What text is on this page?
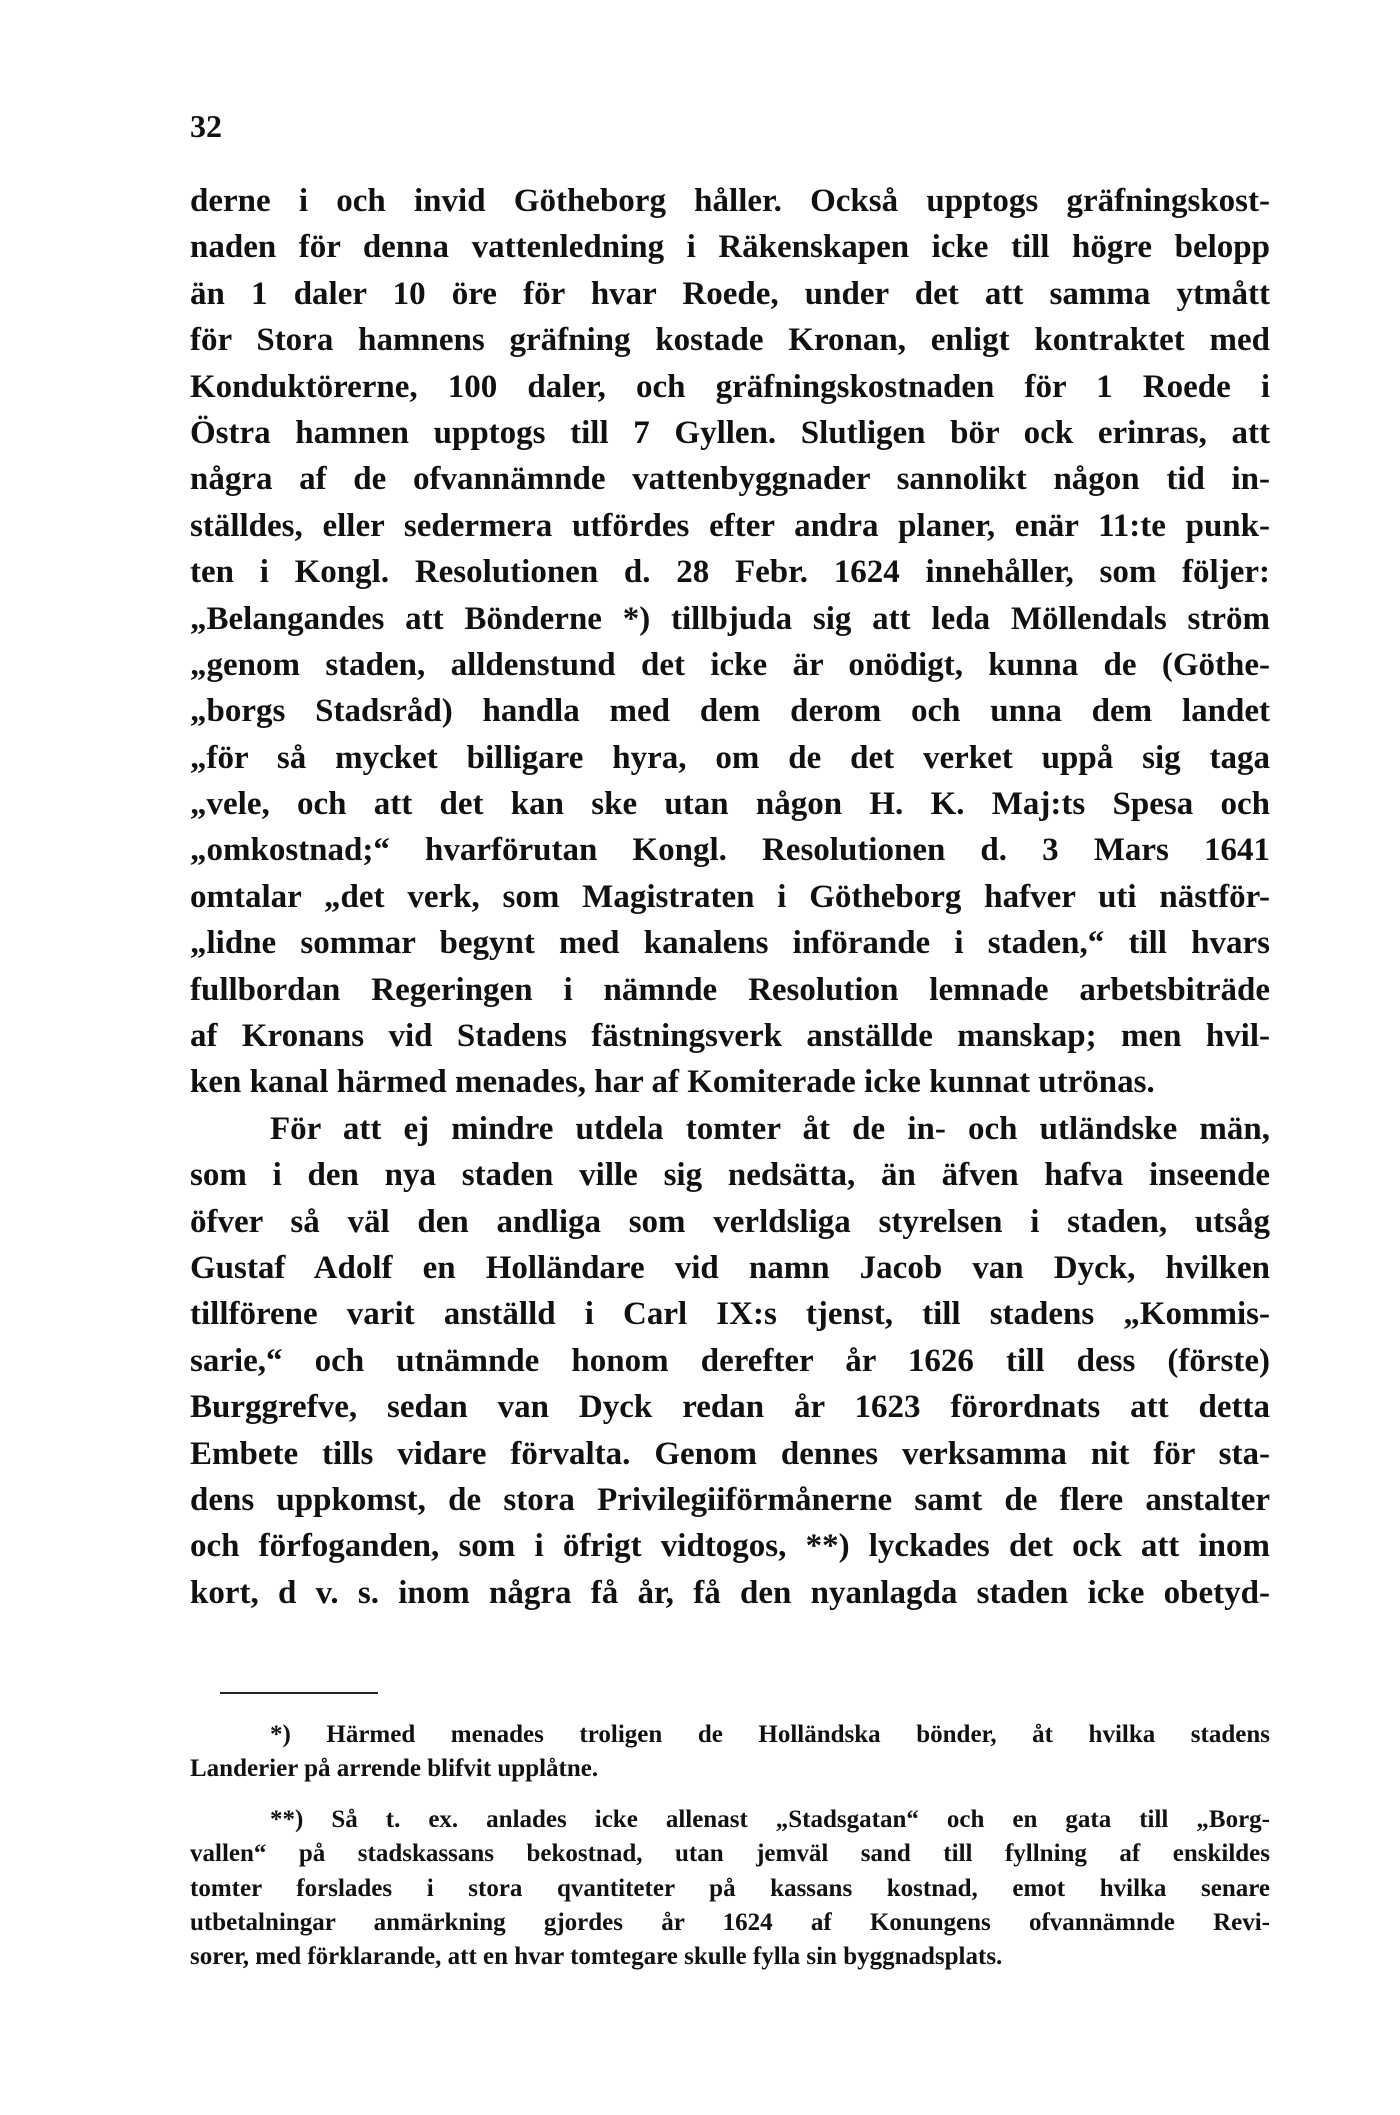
32
derne i och invid Götheborg håller. Också upptogs gräfningskost-
naden för denna vattenledning i Räkenskapen icke till högre belopp
än 1 daler 10 öre för hvar Roede, under det att samma ytmått
för Stora hamnens gräfning kostade Kronan, enligt kontraktet med
Konduktörerne, 100 daler, och gräfningskostnaden för 1 Roede i
Östra hamnen upptogs till 7 Gyllen. Slutligen bör ock erinras, att
några af de ofvannämnde vattenbyggnader sannolikt någon tid in-
ställdes, eller sedermera utfördes efter andra planer, enär 11:te punk-
ten i Kongl. Resolutionen d. 28 Febr. 1624 innehåller, som följer:
„Belangandes att Bönderne *) tillbjuda sig att leda Möllendals ström
„genom staden, alldenstund det icke är onödigt, kunna de (Göthe-
„borgs Stadsråd) handla med dem derom och unna dem landet
„för så mycket billigare hyra, om de det verket uppå sig taga
„vele, och att det kan ske utan någon H. K. Maj:ts Spesa och
„omkostnad;“ hvarförutan Kongl. Resolutionen d. 3 Mars 1641
omtalar „det verk, som Magistraten i Götheborg hafver uti nästför-
„lidne sommar begynt med kanalens införande i staden,“ till hvars
fullbordan Regeringen i nämnde Resolution lemnade arbetsbiträde
af Kronans vid Stadens fästningsverk anställde manskap; men hvil-
ken kanal härmed menades, har af Komiterade icke kunnat utrönas.
För att ej mindre utdela tomter åt de in- och utländske män,
som i den nya staden ville sig nedsätta, än äfven hafva inseende
öfver så väl den andliga som verldsliga styrelsen i staden, utsåg
Gustaf Adolf en Holländare vid namn Jacob van Dyck, hvilken
tillförene varit anställd i Carl IX:s tjenst, till stadens „Kommis-
sarie,“ och utnämnde honom derefter år 1626 till dess (förste)
Burggrefve, sedan van Dyck redan år 1623 förordnats att detta
Embete tills vidare förvalta. Genom dennes verksamma nit för sta-
dens uppkomst, de stora Privilegiiförmånerne samt de flere anstalter
och förfoganden, som i öfrigt vidtogos, **) lyckades det ock att inom
kort, d v. s. inom några få år, få den nyanlagda staden icke obetyd-
*) Härmed menades troligen de Holländska bönder, åt hvilka stadens
Landerier på arrende blifvit upplåtne.
**) Så t. ex. anlades icke allenast „Stadsgatan“ och en gata till „Borg-
vallen“ på stadskassans bekostnad, utan jemväl sand till fyllning af enskildes
tomter forslades i stora qvantiteter på kassans kostnad, emot hvilka senare
utbetalningar anmärkning gjordes år 1624 af Konungens ofvannämnde Revi-
sorer, med förklarande, att en hvar tomtegare skulle fylla sin byggnadsplats.
